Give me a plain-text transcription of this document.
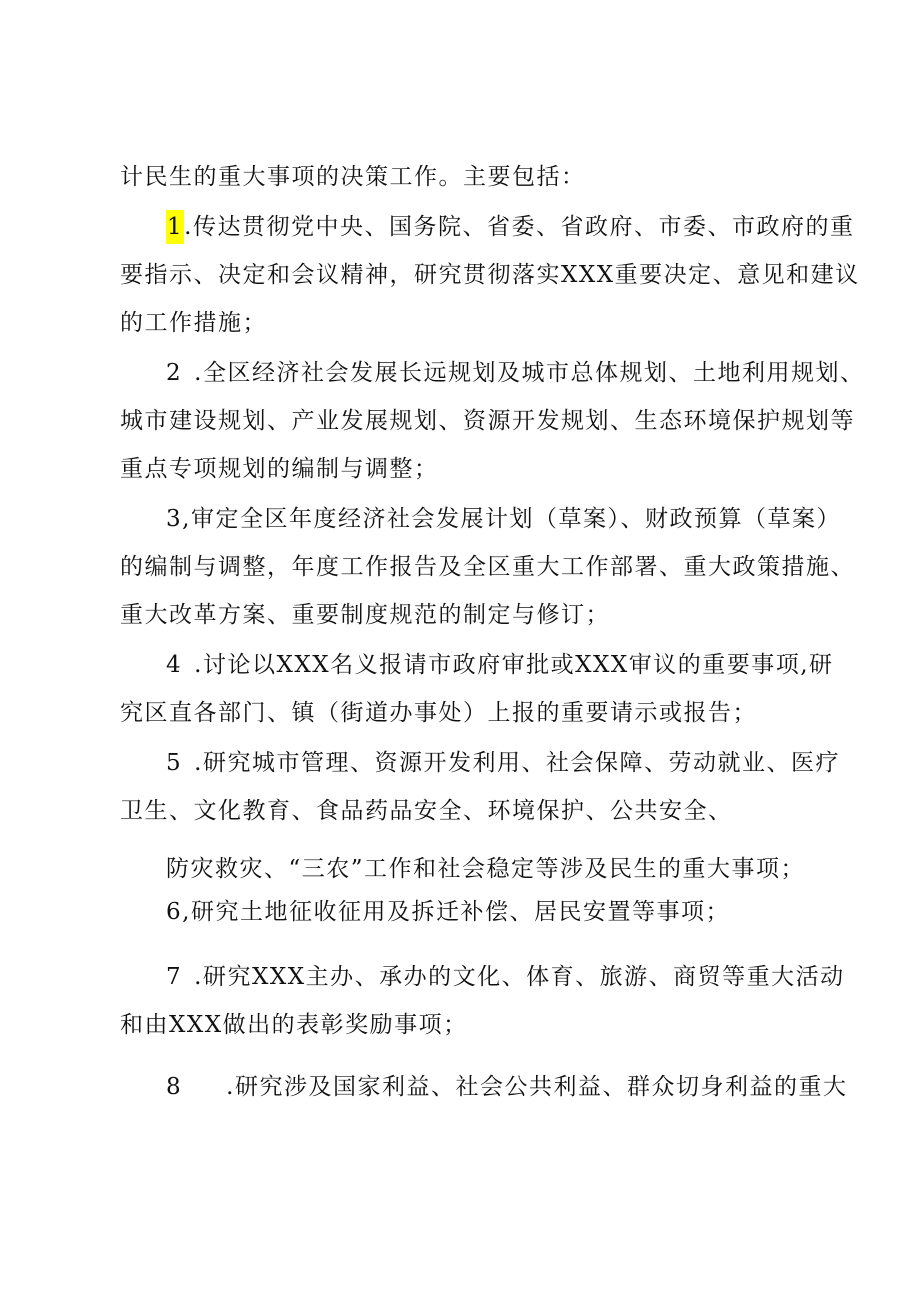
计民生的重大事项的决策工作。主要包括：
1.传达贯彻党中央、国务院、省委、省政府、市委、市政府的重
要指示、决定和会议精神，研究贯彻落实XXX重要决定、意见和建议
的工作措施；
2 .全区经济社会发展长远规划及城市总体规划、土地利用规划、
城市建设规划、产业发展规划、资源开发规划、生态环境保护规划等
重点专项规划的编制与调整；
3,审定全区年度经济社会发展计划（草案）、财政预算（草案）
的编制与调整，年度工作报告及全区重大工作部署、重大政策措施、
重大改革方案、重要制度规范的制定与修订；
4 .讨论以XXX名义报请市政府审批或XXX审议的重要事项,研
究区直各部门、镇（街道办事处）上报的重要请示或报告；
5 .研究城市管理、资源开发利用、社会保障、劳动就业、医疗
卫生、文化教育、食品药品安全、环境保护、公共安全、
防灾救灾、“三农”工作和社会稳定等涉及民生的重大事项；
6,研究土地征收征用及拆迁补偿、居民安置等事项；
7 .研究XXX主办、承办的文化、体育、旅游、商贸等重大活动
和由XXX做出的表彰奖励事项；
8 .研究涉及国家利益、社会公共利益、群众切身利益的重大
